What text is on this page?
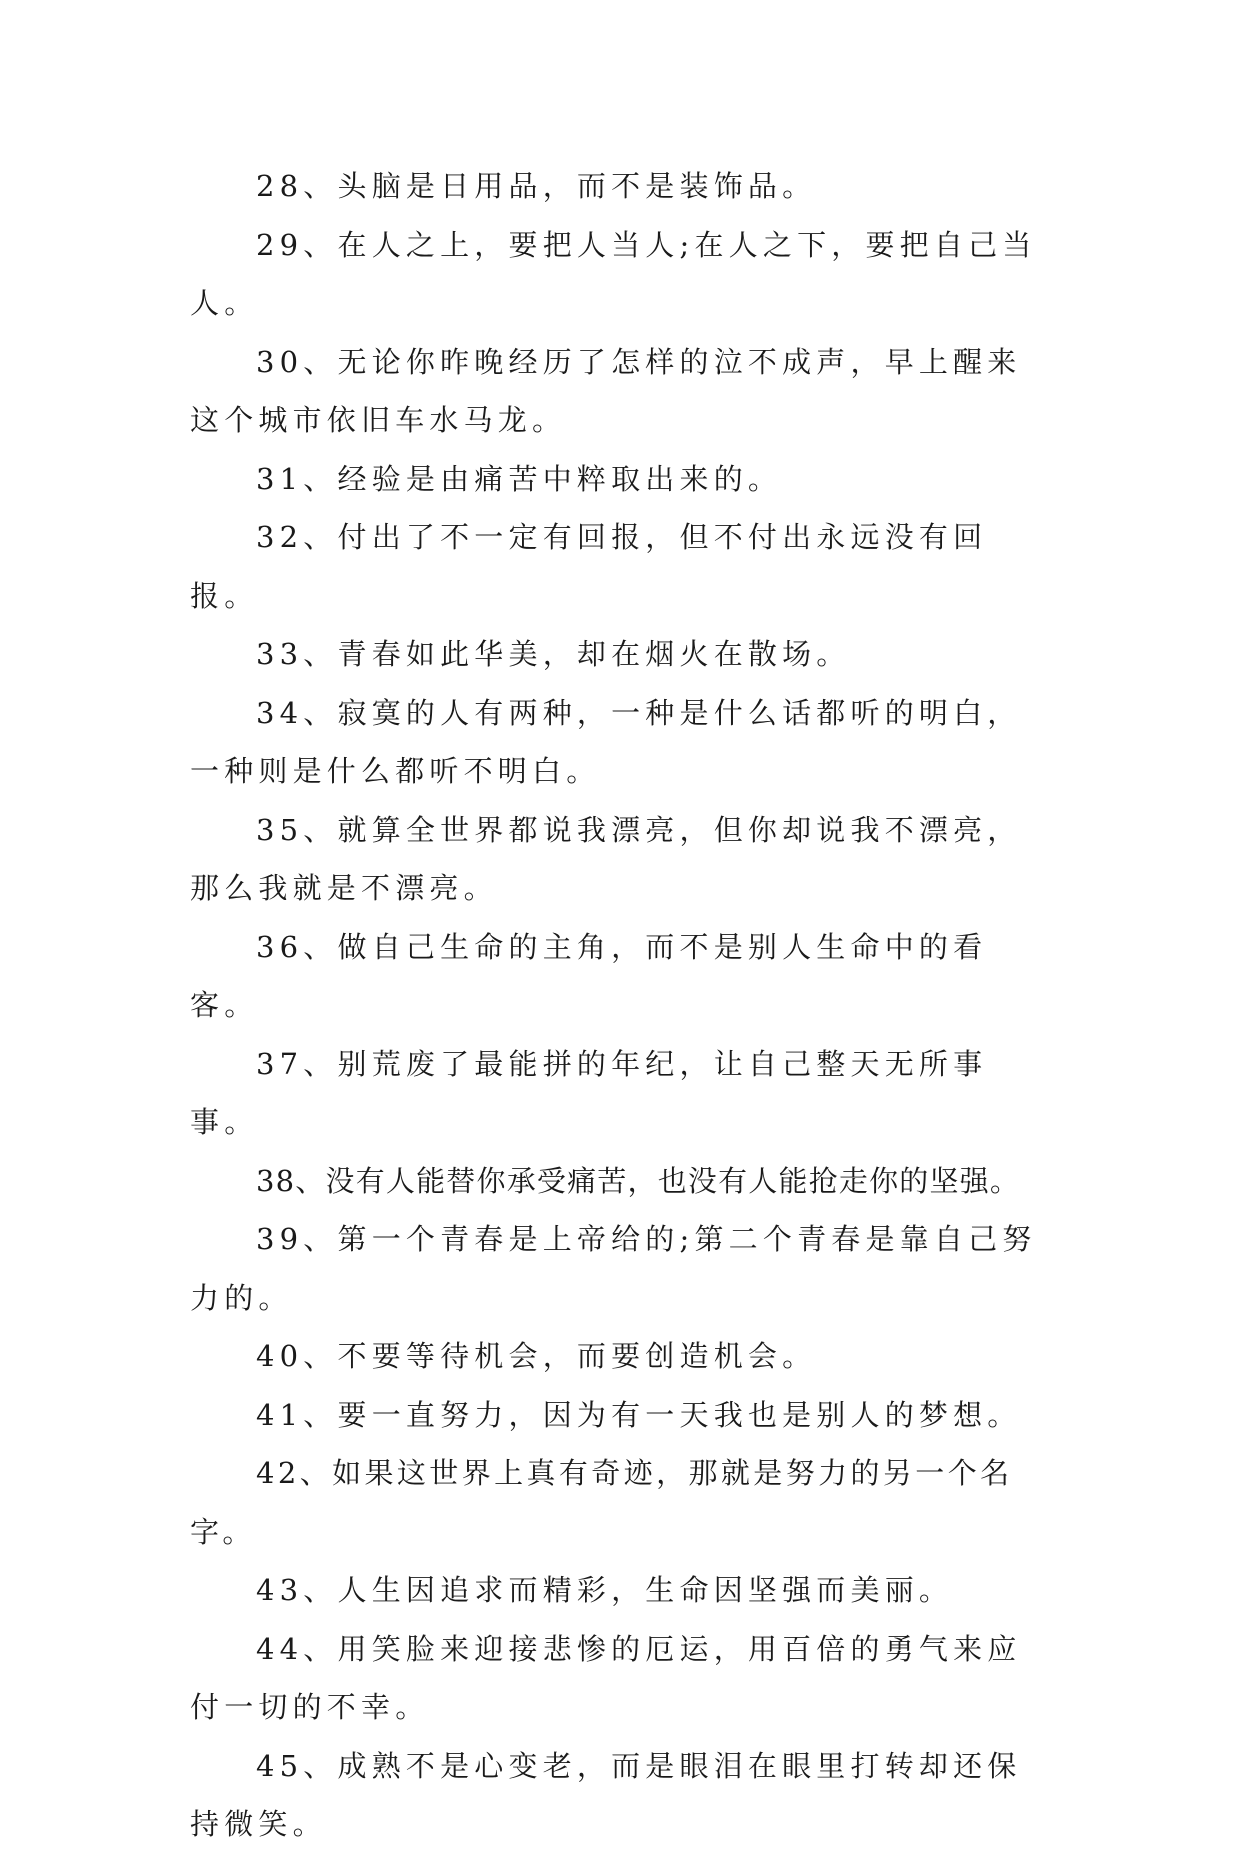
28、头脑是日用品，而不是装饰品。

29、在人之上，要把人当人;在人之下，要把自己当人。

30、无论你昨晚经历了怎样的泣不成声，早上醒来这个城市依旧车水马龙。

31、经验是由痛苦中粹取出来的。

32、付出了不一定有回报，但不付出永远没有回报。

33、青春如此华美，却在烟火在散场。

34、寂寞的人有两种，一种是什么话都听的明白，一种则是什么都听不明白。

35、就算全世界都说我漂亮，但你却说我不漂亮，那么我就是不漂亮。

36、做自己生命的主角，而不是别人生命中的看客。

37、别荒废了最能拼的年纪，让自己整天无所事事。

38、没有人能替你承受痛苦，也没有人能抢走你的坚强。

39、第一个青春是上帝给的;第二个青春是靠自己努力的。

40、不要等待机会，而要创造机会。

41、要一直努力，因为有一天我也是别人的梦想。

42、如果这世界上真有奇迹，那就是努力的另一个名字。

43、人生因追求而精彩，生命因坚强而美丽。

44、用笑脸来迎接悲惨的厄运，用百倍的勇气来应付一切的不幸。

45、成熟不是心变老，而是眼泪在眼里打转却还保持微笑。
